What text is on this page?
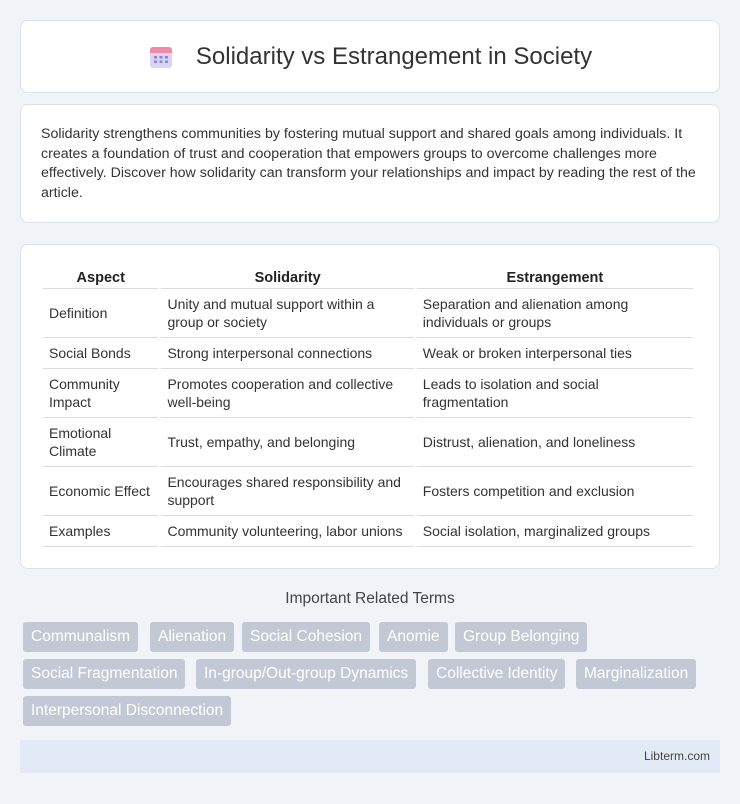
Solidarity vs Estrangement in Society

Solidarity strengthens communities by fostering mutual support and shared goals among individuals. It creates a foundation of trust and cooperation that empowers groups to overcome challenges more effectively. Discover how solidarity can transform your relationships and impact by reading the rest of the article.

Aspect	Solidarity	Estrangement
Definition	Unity and mutual support within a group or society	Separation and alienation among individuals or groups
Social Bonds	Strong interpersonal connections	Weak or broken interpersonal ties
Community Impact	Promotes cooperation and collective well-being	Leads to isolation and social fragmentation
Emotional Climate	Trust, empathy, and belonging	Distrust, alienation, and loneliness
Economic Effect	Encourages shared responsibility and support	Fosters competition and exclusion
Examples	Community volunteering, labor unions	Social isolation, marginalized groups
Important Related Terms
Communalism	Alienation	Social Cohesion	Anomie	Group Belonging
Social Fragmentation	In-group/Out-group Dynamics	Collective Identity	Marginalization
Interpersonal Disconnection
Libterm.com
